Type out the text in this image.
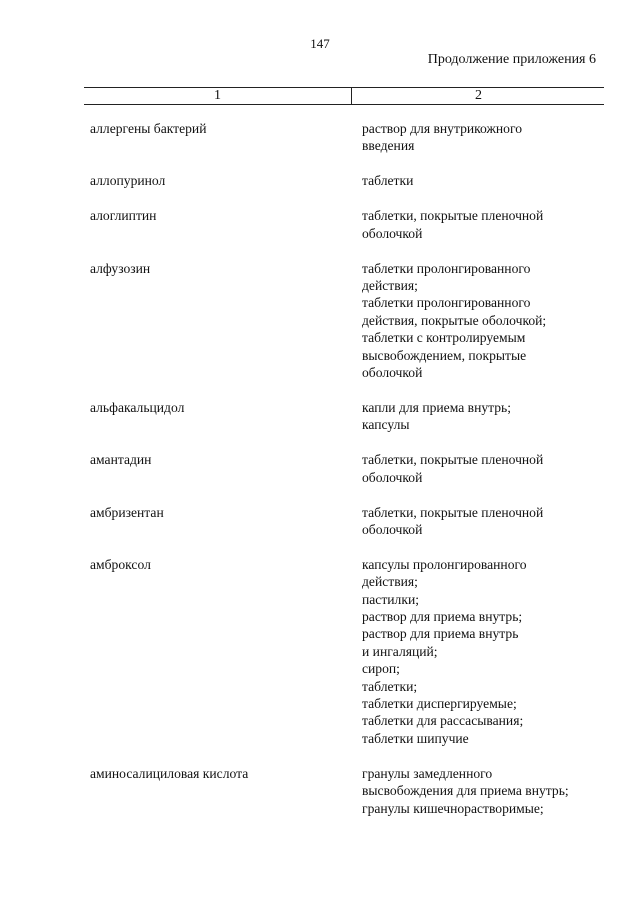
147
Продолжение приложения 6
1	2
аллергены бактерий	раствор для внутрикожного
введения
аллопуринол	таблетки
алоглиптин	таблетки, покрытые пленочной
оболочкой
алфузозин	таблетки пролонгированного
действия;
таблетки пролонгированного
действия, покрытые оболочкой;
таблетки с контролируемым
высвобождением, покрытые
оболочкой
альфакальцидол	капли для приема внутрь;
капсулы
амантадин	таблетки, покрытые пленочной
оболочкой
амбризентан	таблетки, покрытые пленочной
оболочкой
амброксол	капсулы пролонгированного
действия;
пастилки;
раствор для приема внутрь;
раствор для приема внутрь
и ингаляций;
сироп;
таблетки;
таблетки диспергируемые;
таблетки для рассасывания;
таблетки шипучие
аминосалициловая кислота	гранулы замедленного
высвобождения для приема внутрь;
гранулы кишечнорастворимые;
